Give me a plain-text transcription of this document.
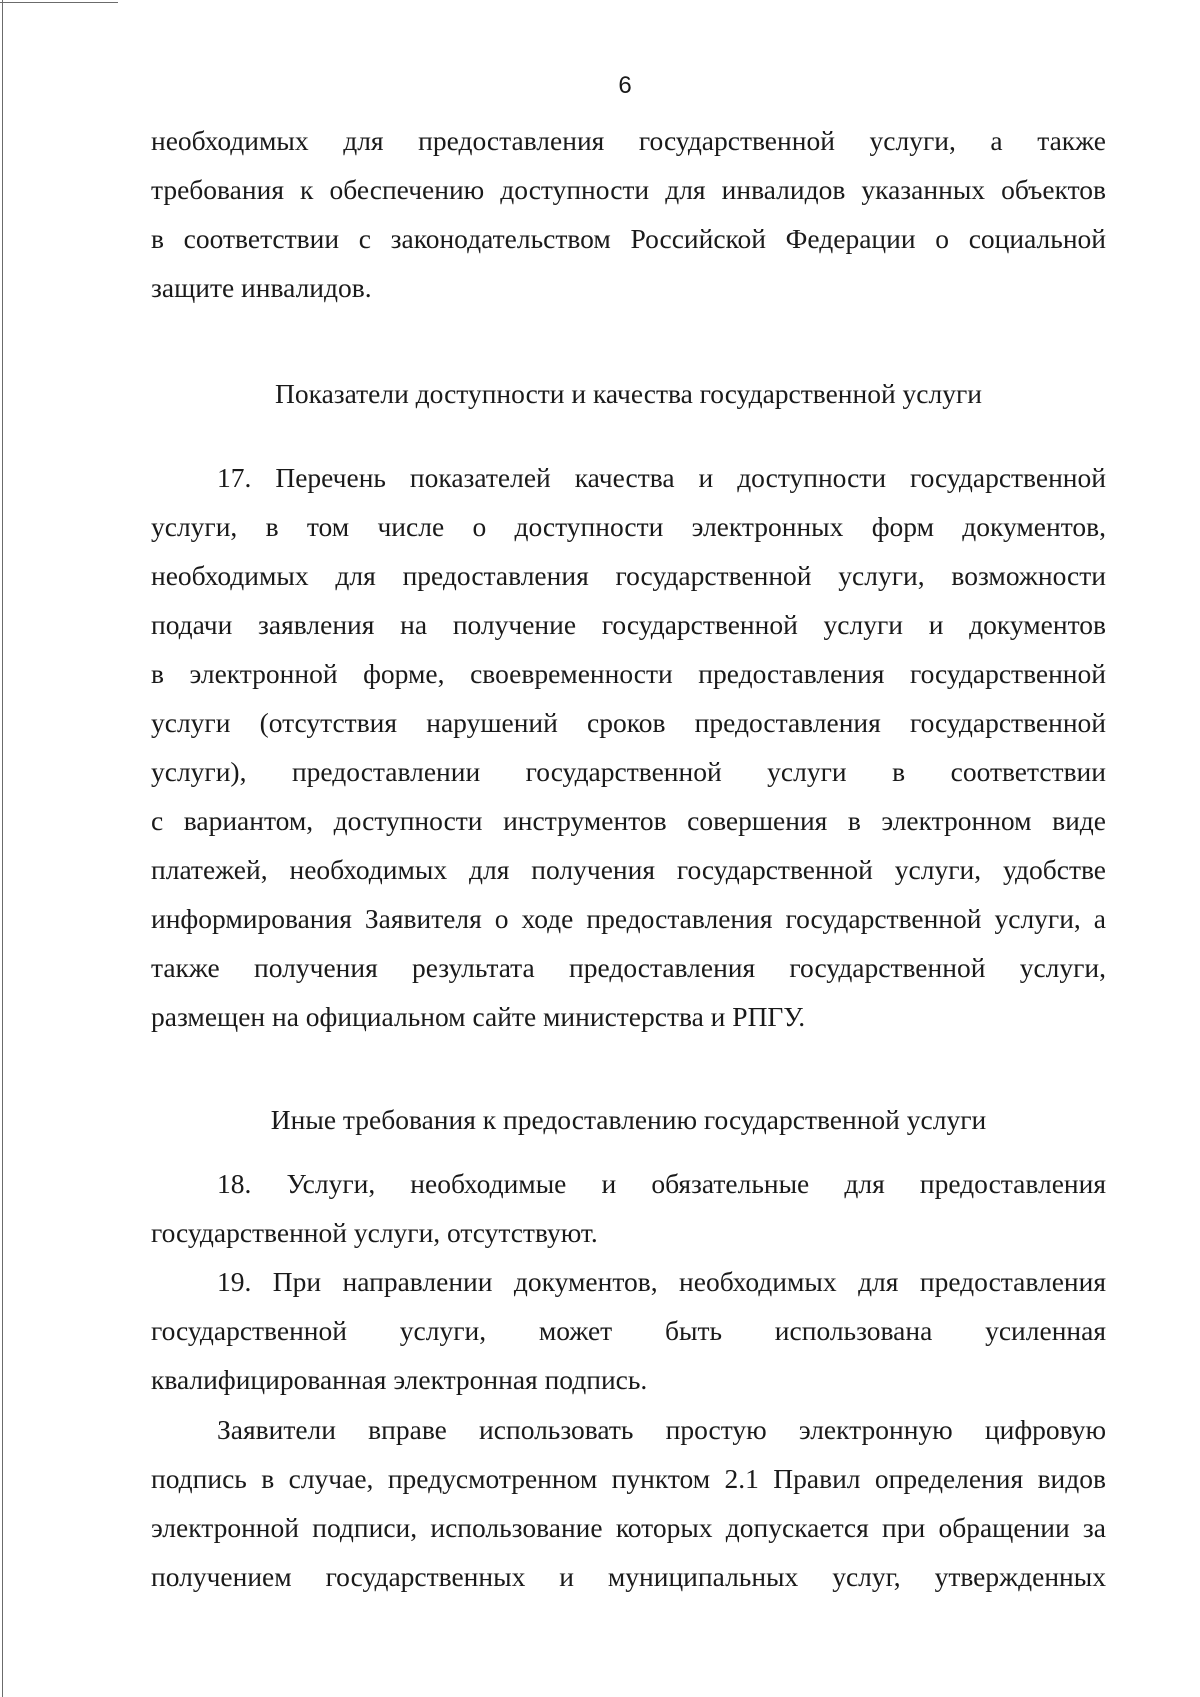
6
необходимых для предоставления государственной услуги, а также
требования к обеспечению доступности для инвалидов указанных объектов
в соответствии с законодательством Российской Федерации о социальной
защите инвалидов.
Показатели доступности и качества государственной услуги
17. Перечень показателей качества и доступности государственной
услуги, в том числе о доступности электронных форм документов,
необходимых для предоставления государственной услуги, возможности
подачи заявления на получение государственной услуги и документов
в электронной форме, своевременности предоставления государственной
услуги (отсутствия нарушений сроков предоставления государственной
услуги), предоставлении государственной услуги в соответствии
с вариантом, доступности инструментов совершения в электронном виде
платежей, необходимых для получения государственной услуги, удобстве
информирования Заявителя о ходе предоставления государственной услуги, а
также получения результата предоставления государственной услуги,
размещен на официальном сайте министерства и РПГУ.
Иные требования к предоставлению государственной услуги
18. Услуги, необходимые и обязательные для предоставления
государственной услуги, отсутствуют.
19. При направлении документов, необходимых для предоставления
государственной услуги, может быть использована усиленная
квалифицированная электронная подпись.
Заявители вправе использовать простую электронную цифровую
подпись в случае, предусмотренном пунктом 2.1 Правил определения видов
электронной подписи, использование которых допускается при обращении за
получением государственных и муниципальных услуг, утвержденных
